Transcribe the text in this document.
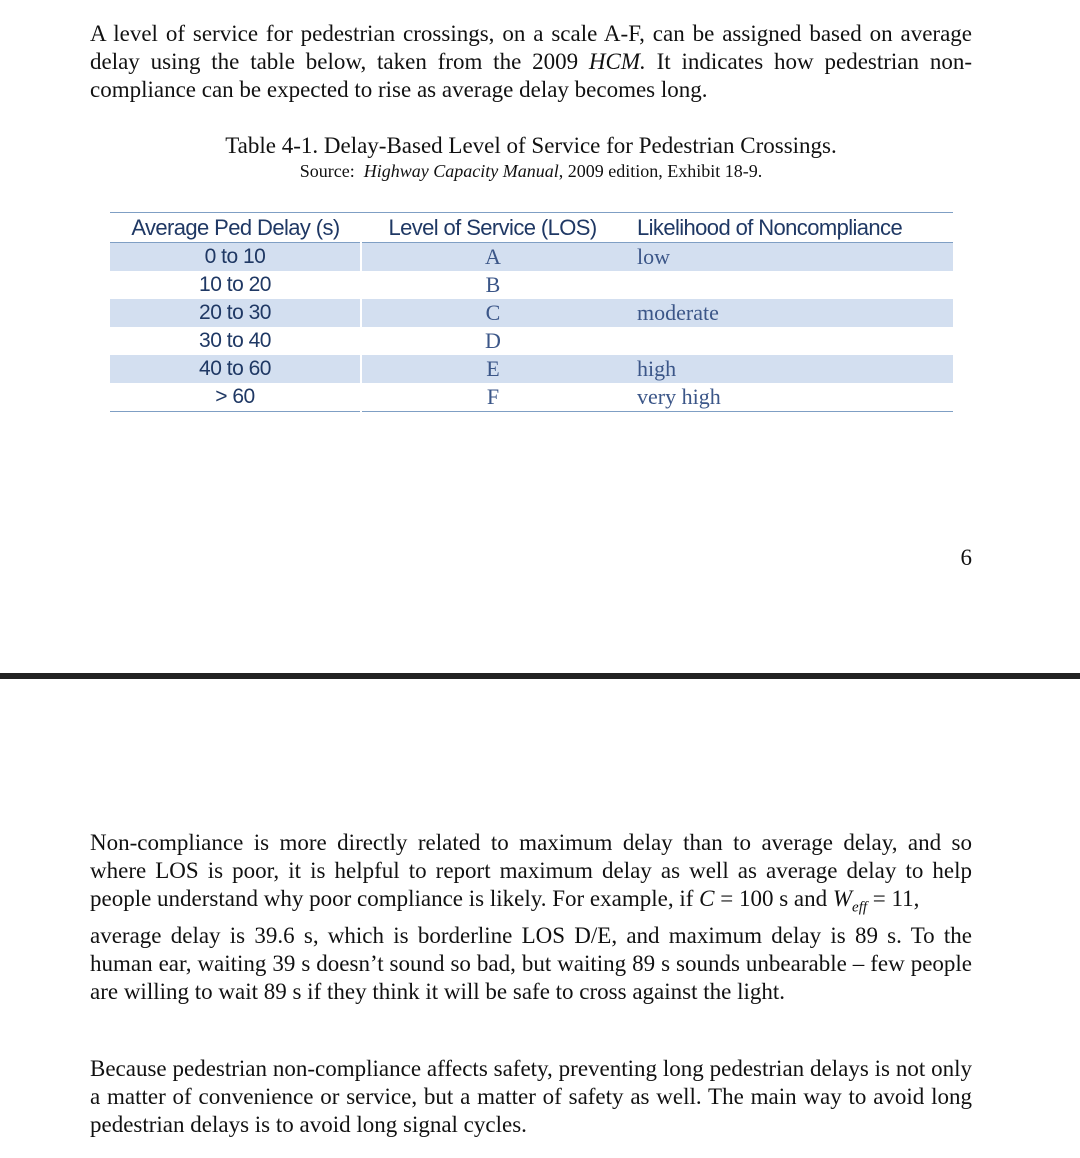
A level of service for pedestrian crossings, on a scale A-F, can be assigned based on average delay using the table below, taken from the 2009 HCM. It indicates how pedestrian non-compliance can be expected to rise as average delay becomes long.

Table 4-1. Delay-Based Level of Service for Pedestrian Crossings.
Source:  Highway Capacity Manual, 2009 edition, Exhibit 18-9.
Average Ped Delay (s)	Level of Service (LOS)	Likelihood of Noncompliance
0 to 10	A	low
10 to 20	B	
20 to 30	C	moderate
30 to 40	D	
40 to 60	E	high
> 60	F	very high
6
Non-compliance is more directly related to maximum delay than to average delay, and so where LOS is poor, it is helpful to report maximum delay as well as average delay to help people understand why poor compliance is likely. For example, if C = 100 s and $W_{eff} = 11$,
average delay is 39.6 s, which is borderline LOS D/E, and maximum delay is 89 s. To the human ear, waiting 39 s doesn’t sound so bad, but waiting 89 s sounds unbearable – few people are willing to wait 89 s if they think it will be safe to cross against the light.

Because pedestrian non-compliance affects safety, preventing long pedestrian delays is not only a matter of convenience or service, but a matter of safety as well. The main way to avoid long pedestrian delays is to avoid long signal cycles.
